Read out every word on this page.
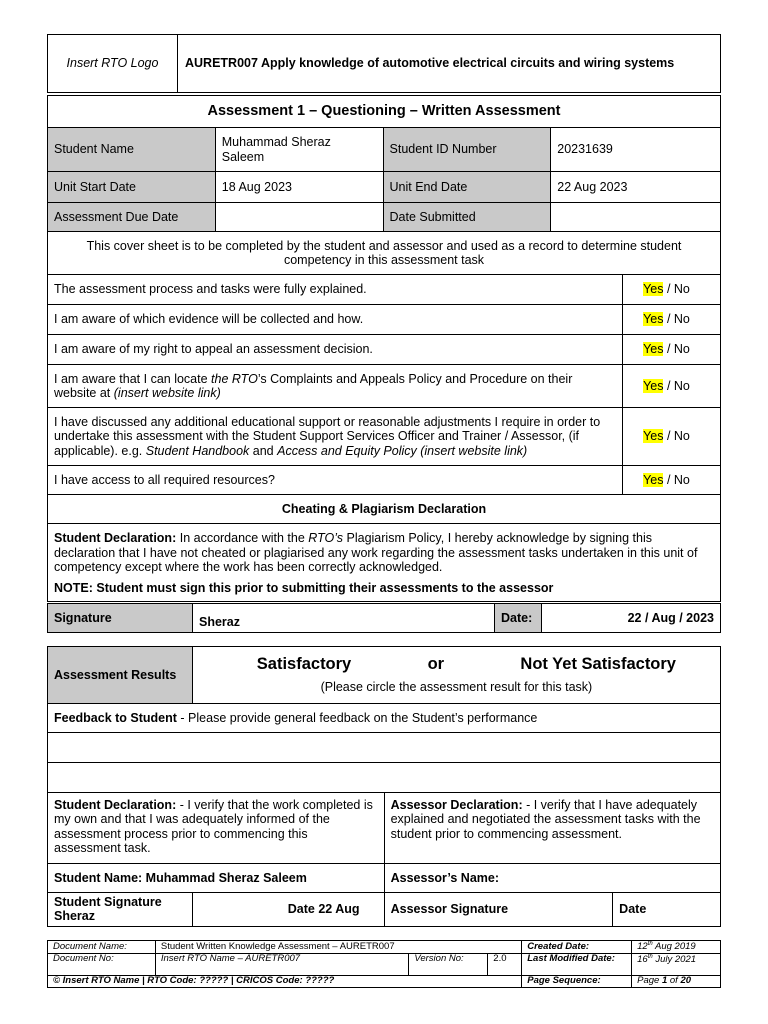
Insert RTO Logo	AURETR007 Apply knowledge of automotive electrical circuits and wiring systems
Assessment 1 – Questioning – Written Assessment				
Student Name	Muhammad Sheraz Saleem	Student ID Number	20231639	
Unit Start Date	18 Aug 2023	Unit End Date	22 Aug 2023	
Assessment Due Date		Date Submitted		
This cover sheet is to be completed by the student and assessor and used as a record to determine student competency in this assessment task				
The assessment process and tasks were fully explained.				Yes / No
I am aware of which evidence will be collected and how.				Yes / No
I am aware of my right to appeal an assessment decision.				Yes / No
I am aware that I can locate the RTO’s Complaints and Appeals Policy and Procedure on their website at (insert website link)				Yes / No
I have discussed any additional educational support or reasonable adjustments I require in order to undertake this assessment with the Student Support Services Officer and Trainer / Assessor, (if applicable). e.g. Student Handbook and Access and Equity Policy (insert website link)				Yes / No
I have access to all required resources?				Yes / No
Cheating & Plagiarism Declaration				

Student Declaration: In accordance with the RTO’s Plagiarism Policy, I hereby acknowledge by signing this declaration that I have not cheated or plagiarised any work regarding the assessment tasks undertaken in this unit of competency except where the work has been correctly acknowledged.
NOTE: Student must sign this prior to submitting their assessments to the assessor				
Signature	Sheraz	Date:	22 / Aug / 2023
Assessment Results	Satisfactory or Not Yet Satisfactory
(Please circle the assessment result for this task)		

Feedback to Student - Please provide general feedback on the Student’s performance			

Student Declaration: - I verify that the work completed is my own and that I was adequately informed of the assessment process prior to commencing this assessment task.		Assessor Declaration: - I verify that I have adequately explained and negotiated the assessment tasks with the student prior to commencing assessment.	
Student Name: Muhammad Sheraz Saleem		Assessor’s Name:	
Student Signature Sheraz	Date 22 Aug	Assessor Signature	Date
Document Name:	Student Written Knowledge Assessment – AURETR007			Created Date:	12th Aug 2019
Document No:	Insert RTO Name – AURETR007	Version No:	2.0	Last Modified Date:	16th July 2021
© Insert RTO Name | RTO Code: ????? | CRICOS Code: ?????				Page Sequence:	Page 1 of 20
